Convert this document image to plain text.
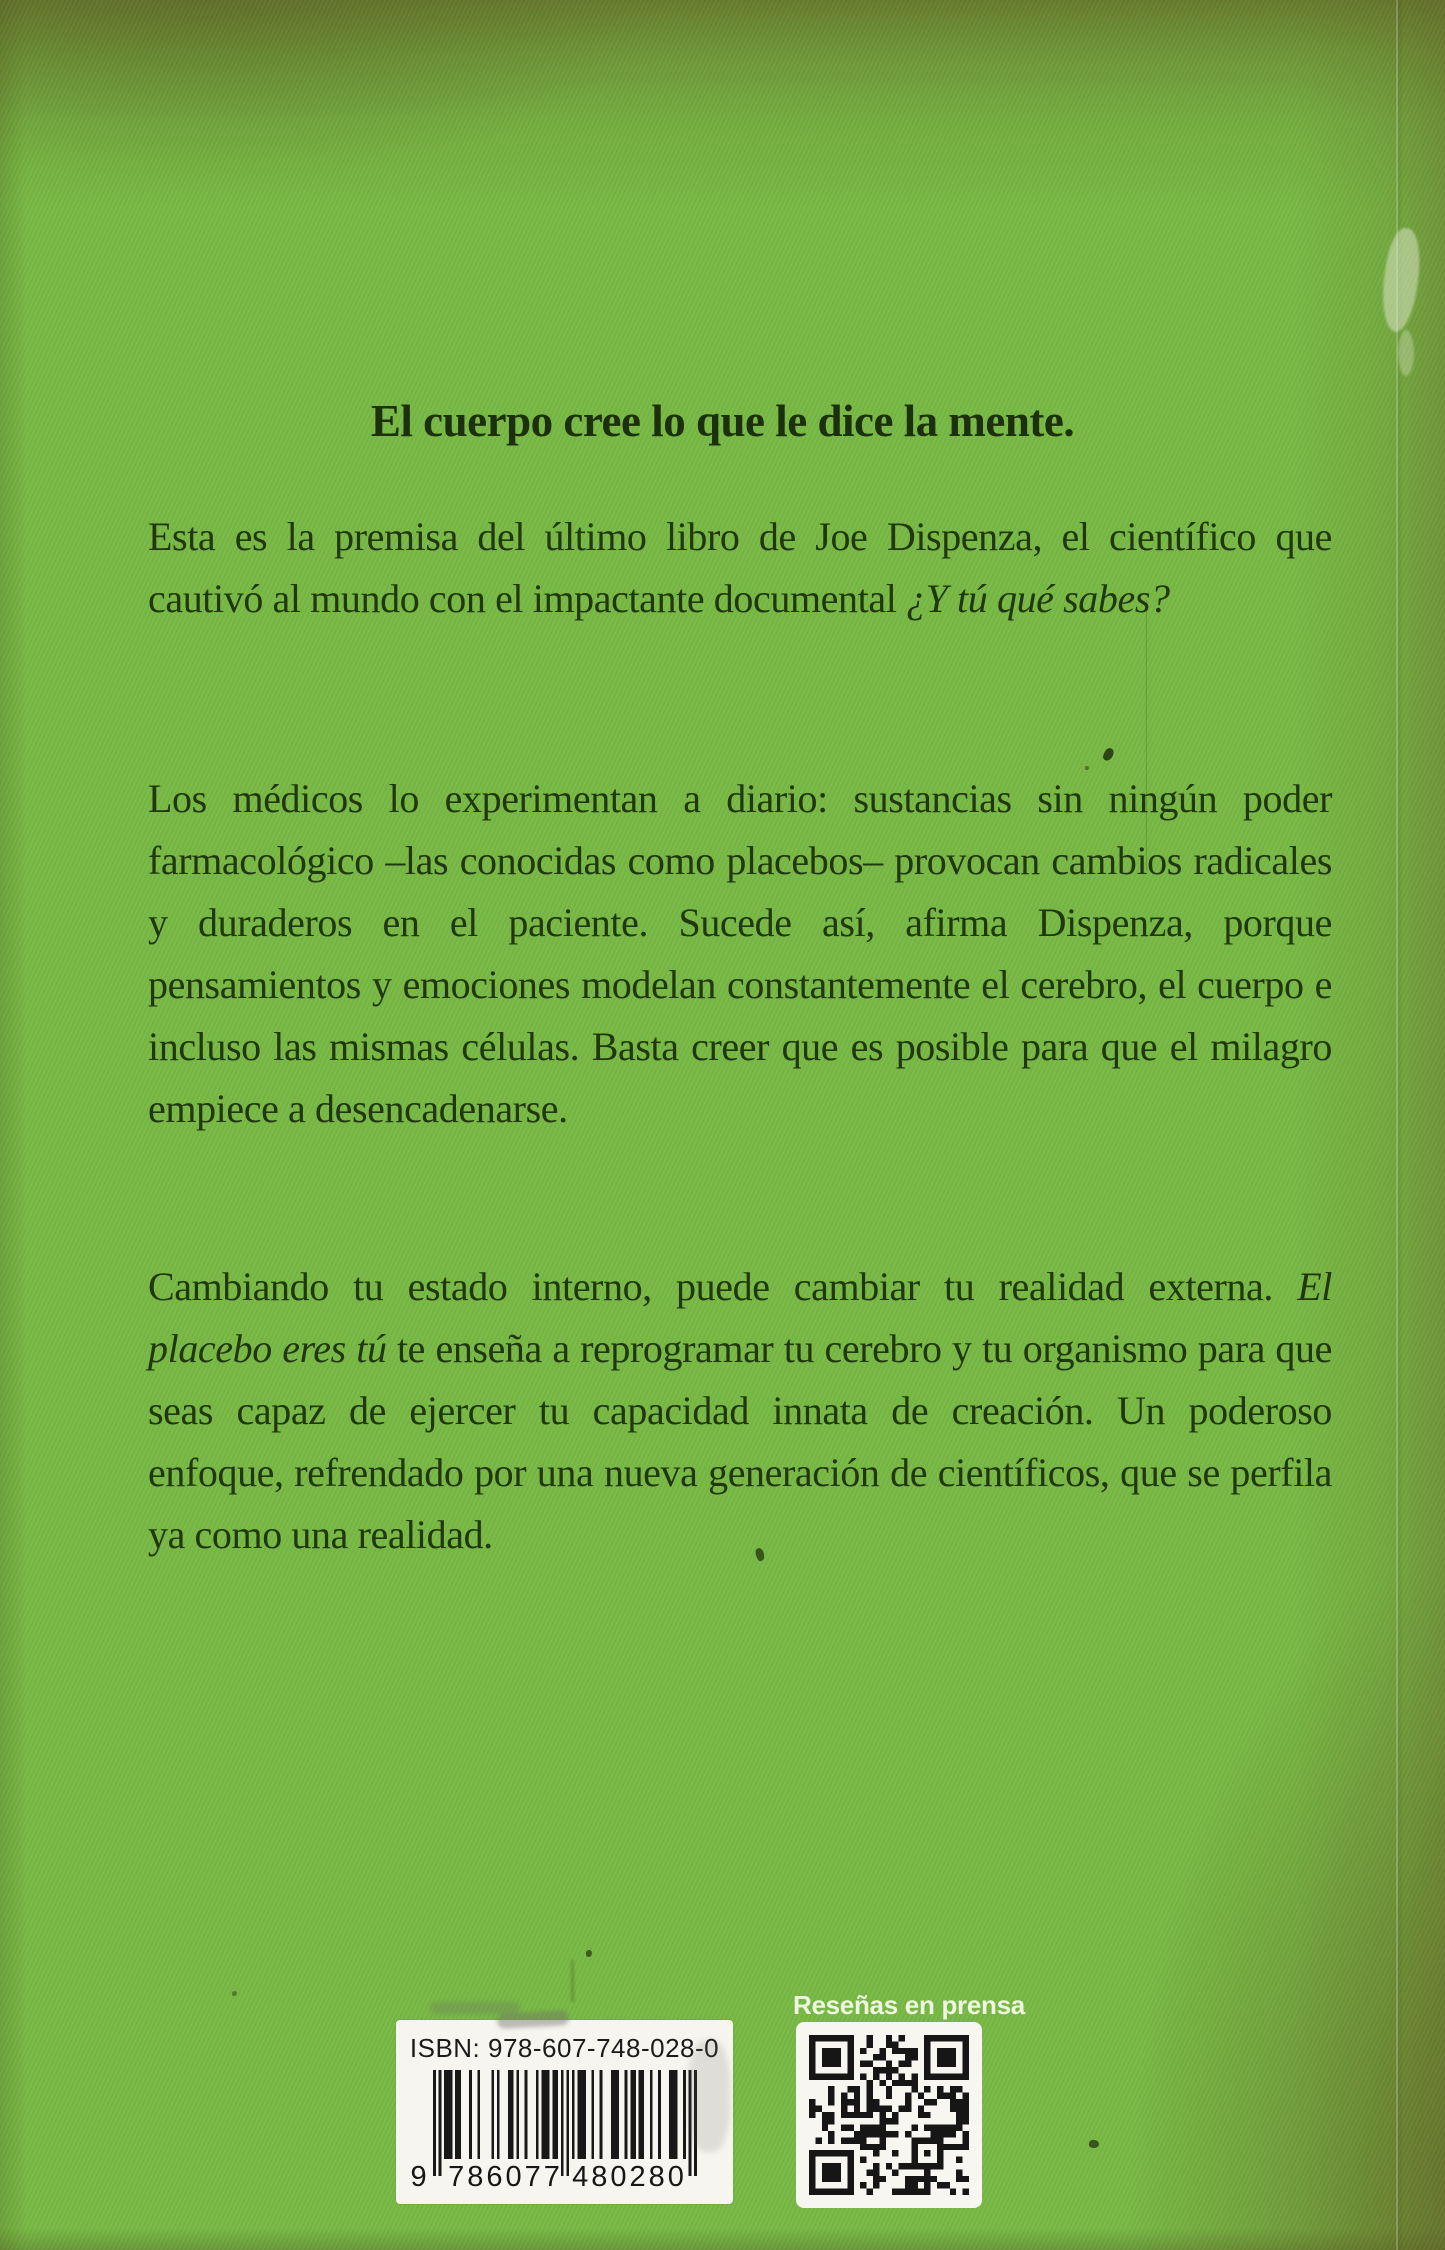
El cuerpo cree lo que le dice la mente.

Esta es la premisa del último libro de Joe Dispenza, el científico que cautivó al mundo con el impactante documental ¿Y tú qué sabes?

Los médicos lo experimentan a diario: sustancias sin ningún poder farmacológico –las conocidas como placebos– provocan cambios radicales y duraderos en el paciente. Sucede así, afirma Dispenza, porque pensamientos y emociones modelan constantemente el cerebro, el cuerpo e incluso las mismas células. Basta creer que es posible para que el milagro empiece a desencadenarse.

Cambiando tu estado interno, puede cambiar tu realidad externa. El placebo eres tú te enseña a reprogramar tu cerebro y tu organismo para que seas capaz de ejercer tu capacidad innata de creación. Un poderoso enfoque, refrendado por una nueva generación de científicos, que se perfila ya como una realidad.

ISBN: 978-607-748-028-0
9 786077 480280
Reseñas en prensa
